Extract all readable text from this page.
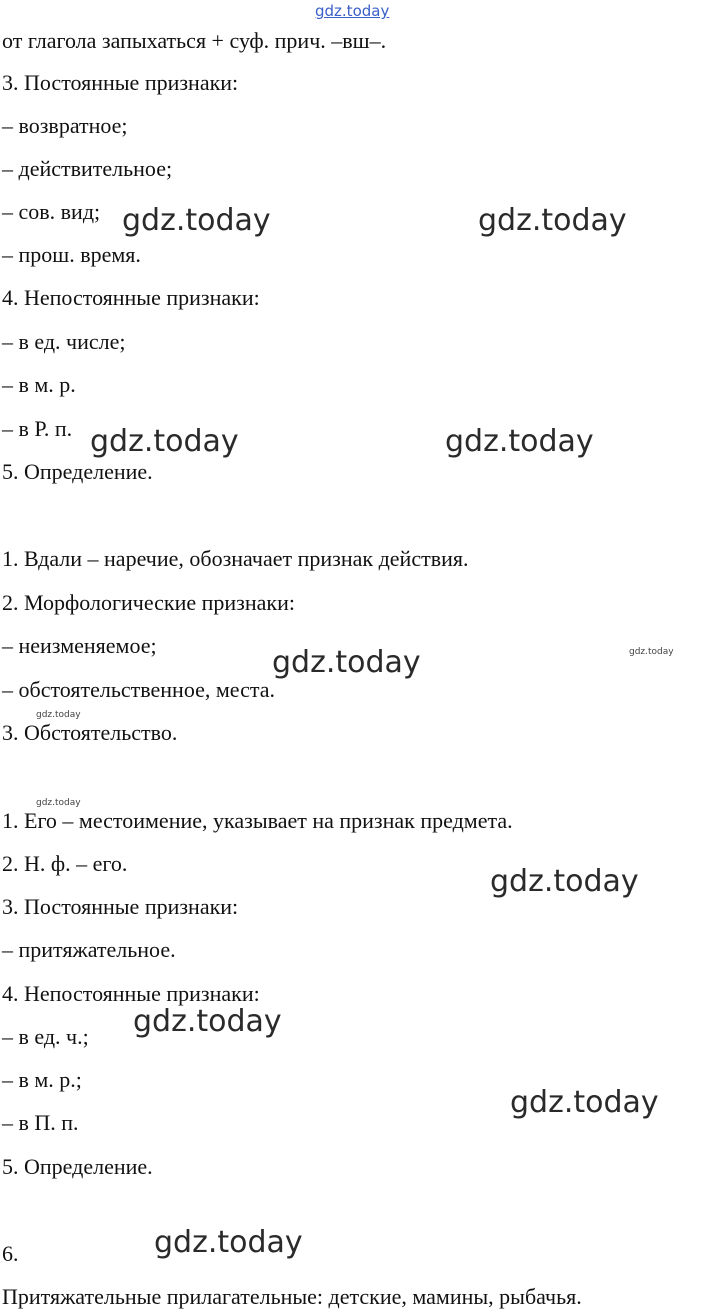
gdz.today
от глагола запыхаться + суф. прич. –вш–.
3. Постоянные признаки:
– возвратное;
– действительное;
– сов. вид;
– прош. время.
4. Непостоянные признаки:
– в ед. числе;
– в м. р.
– в Р. п.
5. Определение.
1. Вдали – наречие, обозначает признак действия.
2. Морфологические признаки:
– неизменяемое;
– обстоятельственное, места.
3. Обстоятельство.
1. Его – местоимение, указывает на признак предмета.
2. Н. ф. – его.
3. Постоянные признаки:
– притяжательное.
4. Непостоянные признаки:
– в ед. ч.;
– в м. р.;
– в П. п.
5. Определение.
6.
Притяжательные прилагательные: детские, мамины, рыбачья.
gdz.today	gdz.today
gdz.today	gdz.today
gdz.today
gdz.today
gdz.today
gdz.today
gdz.today
gdz.today
gdz.today
gdz.today
